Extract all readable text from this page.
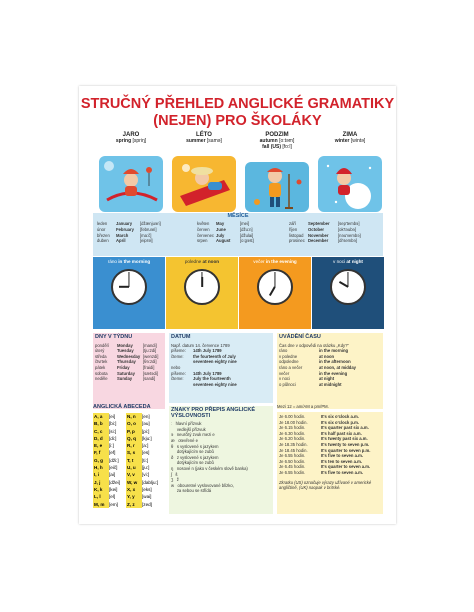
STRUČNÝ PŘEHLED ANGLICKÉ GRAMATIKY
(NEJEN) PRO ŠKOLÁKY
JARO
spring [spriŋ]
LÉTO
summer [samə]
PODZIM
autumn [o:təm]
fall (US) [fo:l]
ZIMA
winter [wintə]
MĚSÍCE
leden	January	[džænjuəri]
únor	February	[februəri]
březen	March	[ma:č]
duben	April	[eiprəl]
květen	May	[mei]
červen	June	[džu:n]
červenec July	[džulai]
srpen	August	[o:gəst]
září	September	[sep'tembə]
říjen	October	[ok'təubə]
listopad	November	[nəu'vembə]
prosinec December	[di'sembə]
ráno in the morning	poledne at noon	večer in the evening	v noci at night
DNY V TÝDNU
pondělí	Monday	[mandi]
úterý	Tuesday	[tju:zdi]
středa	Wednesday [wenzdi]
čtvrtek	Thursday	[θə:zdi]
pátek	Friday	[fraidi]
sobota	Saturday	[sætədi]
neděle	Sunday	[sandi]
DATUM
Např. datum 14. července 1789
píšeme:	14th July 1789
čteme:	the fourteenth of July
seventeen eighty nine
nebo
píšeme:	14th July 1789
čteme:	July the fourteenth
seventeen eighty nine
UVÁDĚNÍ ČASU
Čas dne v odpovědi na otázku „Kdy?“
ráno	in the morning
v poledne	at noon
odpoledne	in the afternoon
ráno a večer	at noon, at midday
večer	in the evening
v noci	at night
o půlnoci	at midnight
ANGLICKÁ ABECEDA
A, a	[ei]	N, n	[en]
B, b	[bi:]	O, o	[əu]
C, c	[si:]	P, p	[pi:]
D, d	[di:]	Q, q	[kju:]
E, e	[i:]	R, r	[a:]
F, f	[ef]	S, s	[es]
G, g	[dži:]	T, t	[ti:]
H, h	[eič]	U, u	[ju:]
I, i	[ai]	V, v	[vi:]
J, j	[džei]	W, w	[dablju:]
K, k	[kei]	X, x	[eks]
L, l	[el]	Y, y	[wai]
M, m [em]	Z, z	[zed]
ZNAKY PRO PŘEPIS ANGLICKÉ VÝSLOVNOSTI
ː   hlavní přízvuk
vedlejší přízvuk
ə   neurčitý zvuk mezi e
æ   otevřené e
θ   s vyslovené s jazykem
dotýkajícím se zubů
ð   z vyslovené s jazykem
dotýkajícím se zubů
ŋ   nosové n (jako v českém slově banka)
ʃ   š
ʒ   ž
w   obouretné vyslovované blízko,
za sebou se střídá
Je 6.00 hodin.	It's six o'clock a.m.
Je 18.00 hodin.	It's six o'clock p.m.
Je 6.15 hodin.	It's quarter past six a.m.
Je 6.30 hodin.	It's half past six a.m.
Je 6.20 hodin.	It's twenty past six a.m.
Je 18.35 hodin.	It's twenty to seven p.m.
Je 18.45 hodin.	It's quarter to seven p.m.
Je 6.55 hodin.	It's five to seven a.m.
Je 6.50 hodin.	It's ten to seven a.m.
Je 6.45 hodin.	It's quarter to seven a.m.
Je 6.55 hodin.	It's five to seven a.m.
Zkratku (US) označuje výrazy užívané v americké angličtině, (UK) naopak v britské.
Mezi 12 = am/AM a pm/PM.
